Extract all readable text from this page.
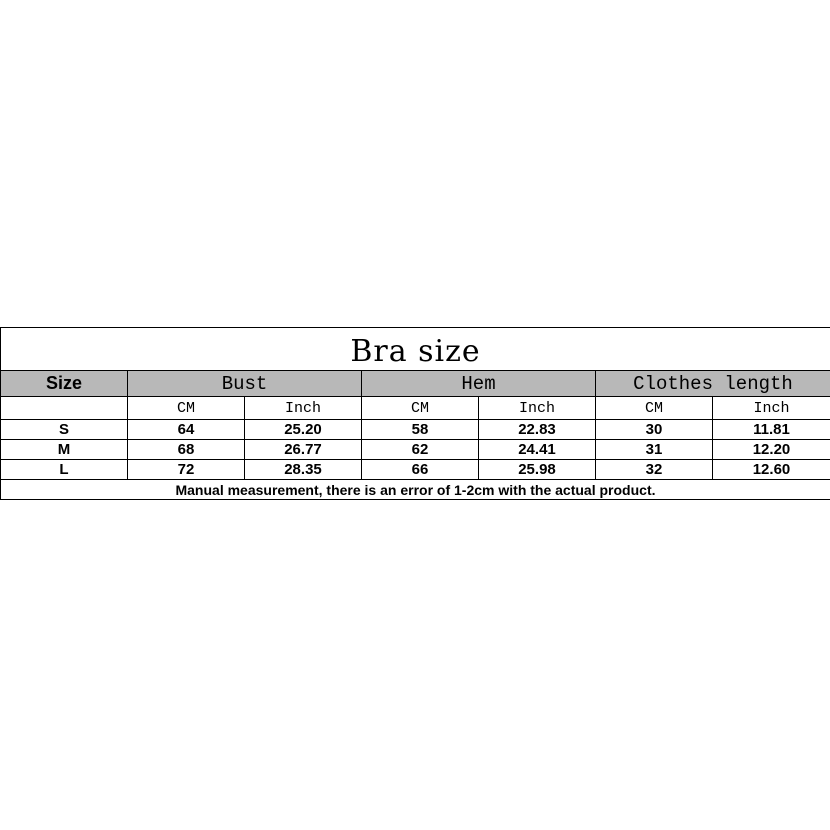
Bra size						
Size	Bust		Hem		Clothes length	
	CM	Inch	CM	Inch	CM	Inch
S	64	25.20	58	22.83	30	11.81
M	68	26.77	62	24.41	31	12.20
L	72	28.35	66	25.98	32	12.60
Manual measurement, there is an error of 1-2cm with the actual product.						
